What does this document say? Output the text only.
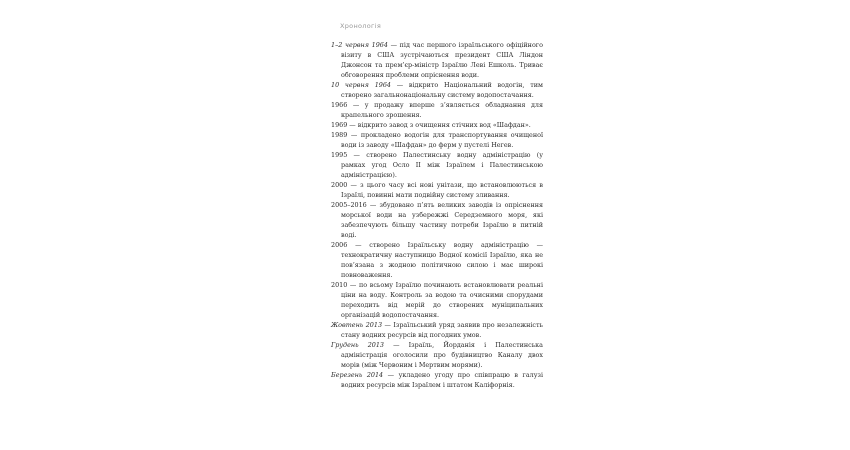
Хронологія
1–2 червня 1964 — під час першого ізраїльського офіційного візиту в США зустрічаються президент США Ліндон Джонсон та прем’єр-міністр Ізраїлю Леві Ешколь. Триває обговорення проблеми опріснення води.
10 червня 1964 — відкрито Національний водогін, тим створено загальнонаціональну систему водопостачання.
1966 — у продажу вперше з’являється обладнання для крапельного зрошення.
1969 — відкрито завод з очищення стічних вод «Шафдан».
1989 — прокладено водогін для транспортування очищеної води із заводу «Шафдан» до ферм у пустелі Негев.
1995 — створено Палестинську водну адміністрацію (у рамках угод Осло II між Ізраїлем і Палестинською адміністрацією).
2000 — з цього часу всі нові унітази, що встановлюються в Ізраїлі, повинні мати подвійну систему зливання.
2005–2016 — збудовано п’ять великих заводів із опріснення морської води на узбережжі Середземного моря, які забезпечують більшу частину потреби Ізраїлю в питній воді.
2006 — створено Ізраїльську водну адміністрацію — технократичну наступницю Водної комісії Ізраїлю, яка не пов’язана з жодною політичною силою і має широкі повноваження.
2010 — по всьому Ізраїлю починають встановлювати реальні ціни на воду. Контроль за водою та очисними спорудами переходить від мерій до створених муніципальних організацій водопостачання.
Жовтень 2013 — Ізраїльський уряд заявив про незалежність стану водних ресурсів від погодних умов.
Грудень 2013 — Ізраїль, Йорданія і Палестинська адміністрація оголосили про будівництво Каналу двох морів (між Червоним і Мертвим морями).
Березень 2014 — укладено угоду про співпрацю в галузі водних ресурсів між Ізраїлем і штатом Каліфорнія.
